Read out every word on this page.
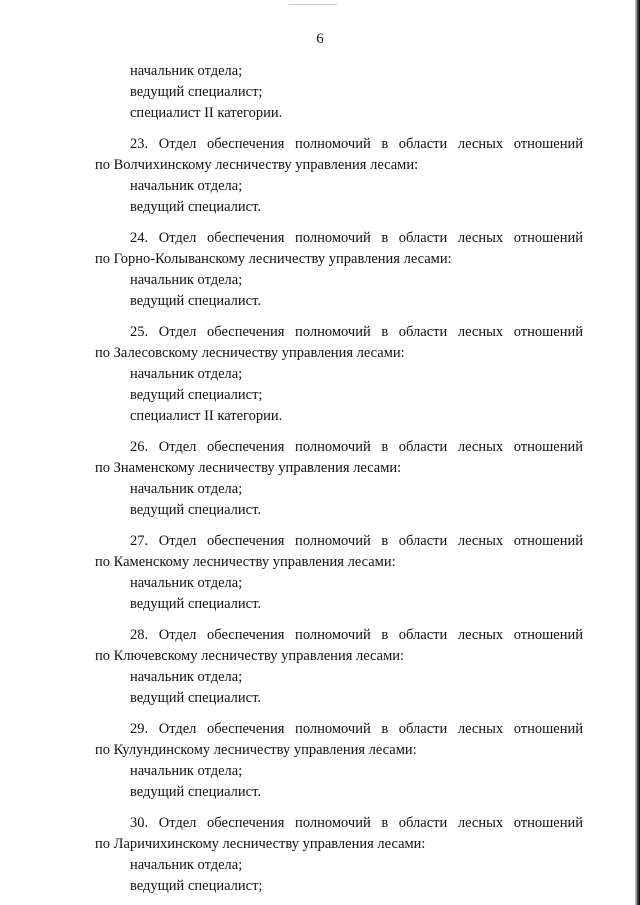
6
начальник отдела;
ведущий специалист;
специалист II категории.
23. Отдел обеспечения полномочий в области лесных отношений
по Волчихинскому лесничеству управления лесами:
начальник отдела;
ведущий специалист.
24. Отдел обеспечения полномочий в области лесных отношений
по Горно-Колыванскому лесничеству управления лесами:
начальник отдела;
ведущий специалист.
25. Отдел обеспечения полномочий в области лесных отношений
по Залесовскому лесничеству управления лесами:
начальник отдела;
ведущий специалист;
специалист II категории.
26. Отдел обеспечения полномочий в области лесных отношений
по Знаменскому лесничеству управления лесами:
начальник отдела;
ведущий специалист.
27. Отдел обеспечения полномочий в области лесных отношений
по Каменскому лесничеству управления лесами:
начальник отдела;
ведущий специалист.
28. Отдел обеспечения полномочий в области лесных отношений
по Ключевскому лесничеству управления лесами:
начальник отдела;
ведущий специалист.
29. Отдел обеспечения полномочий в области лесных отношений
по Кулундинскому лесничеству управления лесами:
начальник отдела;
ведущий специалист.
30. Отдел обеспечения полномочий в области лесных отношений
по Ларичихинскому лесничеству управления лесами:
начальник отдела;
ведущий специалист;
